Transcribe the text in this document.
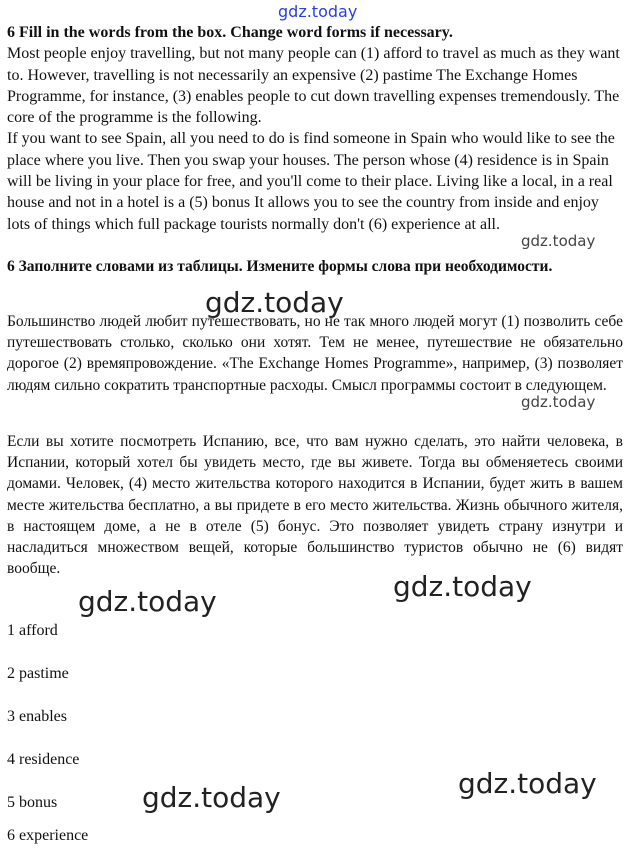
6 Fill in the words from the box. Change word forms if necessary.

Most people enjoy travelling, but not many people can (1) afford to travel as much as they want to. However, travelling is not necessarily an expensive (2) pastime The Exchange Homes Programme, for instance, (3) enables people to cut down travelling expenses tremendously. The core of the programme is the following.

If you want to see Spain, all you need to do is find someone in Spain who would like to see the place where you live. Then you swap your houses. The person whose (4) residence is in Spain will be living in your place for free, and you'll come to their place. Living like a local, in a real house and not in a hotel is a (5) bonus It allows you to see the country from inside and enjoy lots of things which full package tourists normally don't (6) experience at all.

6 Заполните словами из таблицы. Измените формы слова при необходимости.

Большинство людей любит путешествовать, но не так много людей могут (1) позволить себе путешествовать столько, сколько они хотят. Тем не менее, путешествие не обязательно дорогое (2) времяпровождение. «The Exchange Homes Programme», например, (3) позволяет людям сильно сократить транспортные расходы. Смысл программы состоит в следующем.

Если вы хотите посмотреть Испанию, все, что вам нужно сделать, это найти человека, в Испании, который хотел бы увидеть место, где вы живете. Тогда вы обменяетесь своими домами. Человек, (4) место жительства которого находится в Испании, будет жить в вашем месте жительства бесплатно, а вы придете в его место жительства. Жизнь обычного жителя, в настоящем доме, а не в отеле (5) бонус. Это позволяет увидеть страну изнутри и насладиться множеством вещей, которые большинство туристов обычно не (6) видят вообще.

1 afford
2 pastime
3 enables
4 residence
5 bonus
6 experience
gdz.today
gdz.today
gdz.today
gdz.today
gdz.today	gdz.today
gdz.today
gdz.today
